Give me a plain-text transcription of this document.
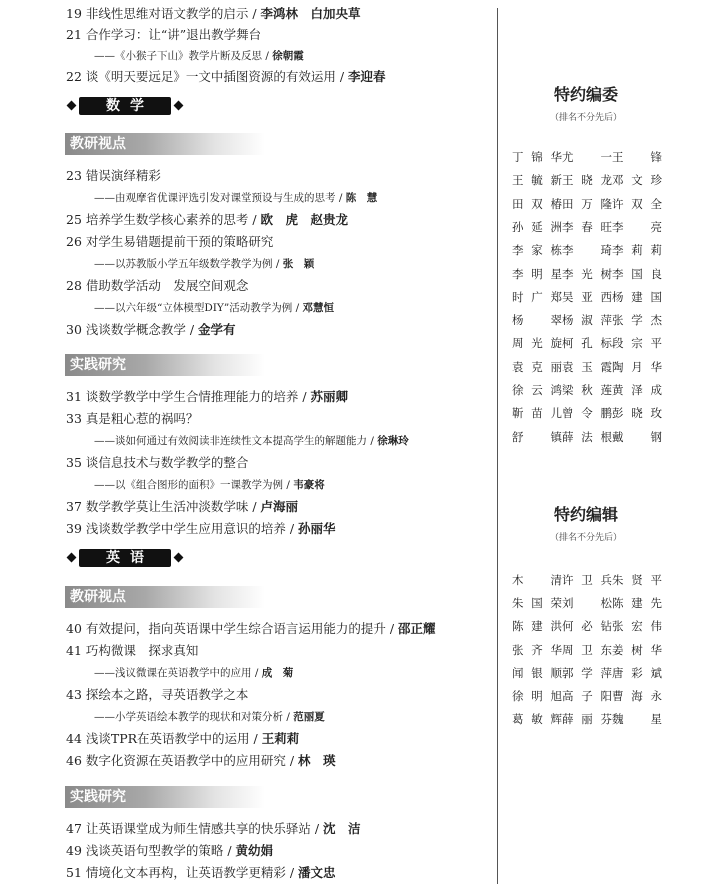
19 非线性思维对语文教学的启示 / 李鸿林　白加央草
21 合作学习：让“讲”退出教学舞台
——《小猴子下山》教学片断及反思 / 徐朝霞
22 谈《明天要远足》一文中插图资源的有效运用 / 李迎春
数学
教研视点
23 错误演绎精彩
——由观摩省优课评选引发对课堂预设与生成的思考 / 陈　慧
25 培养学生数学核心素养的思考 / 欧　虎　赵贵龙
26 对学生易错题提前干预的策略研究
——以苏教版小学五年级数学教学为例 / 张　颖
28 借助数学活动　发展空间观念
——以六年级“立体模型DIY”活动教学为例 / 邓慧恒
30 浅谈数学概念教学 / 金学有
实践研究
31 谈数学教学中学生合情推理能力的培养 / 苏丽卿
33 真是粗心惹的祸吗？
——谈如何通过有效阅读非连续性文本提高学生的解题能力 / 徐琳玲
35 谈信息技术与数学教学的整合
——以《组合图形的面积》一课教学为例 / 韦豪将
37 数学教学莫让生活冲淡数学味 / 卢海丽
39 浅谈数学教学中学生应用意识的培养 / 孙丽华
英语
教研视点
40 有效提问，指向英语课中学生综合语言运用能力的提升 / 邵正耀
41 巧构微课　探求真知
——浅议微课在英语教学中的应用 / 成　菊
43 探绘本之路，寻英语教学之本
——小学英语绘本教学的现状和对策分析 / 范丽夏
44 浅谈TPR在英语教学中的运用 / 王莉莉
46 数字化资源在英语教学中的应用研究 / 林　瑛
实践研究
47 让英语课堂成为师生情感共享的快乐驿站 / 沈　洁
49 浅谈英语句型教学的策略 / 黄幼娟
51 情境化文本再构，让英语教学更精彩 / 潘文忠
特约编委
（排名不分先后）
丁锦华尤　一王　锋
王毓新王晓龙邓文珍
田双椿田万隆许双全
孙延洲李春旺李　亮
李家栋李　琦李莉莉
李明星李光树李国良
时广郑吴亚西杨建国
杨　翠杨淑萍张学杰
周光旋柯孔标段宗平
袁克丽袁玉霞陶月华
徐云鸿梁秋莲黄泽成
靳苗儿曾令鹏彭晓玫
舒　镇薛法根戴　钢
特约编辑
（排名不分先后）
木　清许卫兵朱贤平
朱国荣刘　松陈建先
陈建洪何必钻张宏伟
张齐华周卫东姜树华
闻银顺郭学萍唐彩斌
徐明旭高子阳曹海永
葛敏辉薛丽芬魏　星
